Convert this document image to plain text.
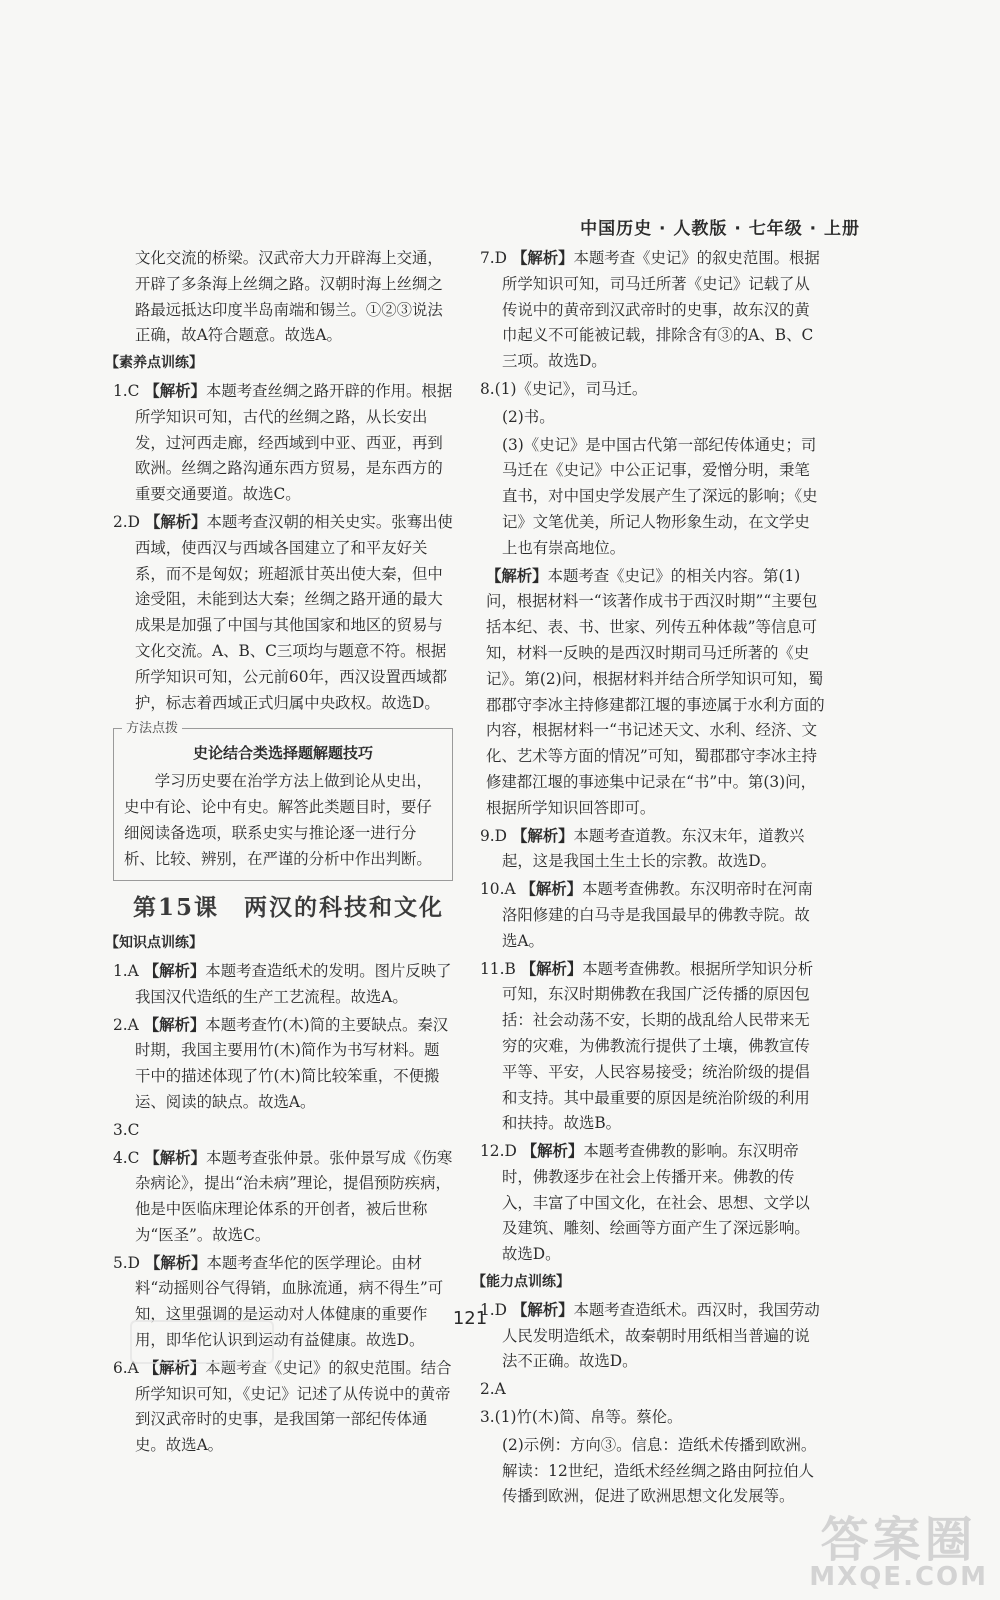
中国历史 · 人教版 · 七年级 · 上册
文化交流的桥梁。汉武帝大力开辟海上交通，开辟了多条海上丝绸之路。汉朝时海上丝绸之路最远抵达印度半岛南端和锡兰。①②③说法正确，故A符合题意。故选A。
【素养点训练】
1.C 【解析】本题考查丝绸之路开辟的作用。根据所学知识可知，古代的丝绸之路，从长安出发，过河西走廊，经西域到中亚、西亚，再到欧洲。丝绸之路沟通东西方贸易，是东西方的重要交通要道。故选C。
2.D 【解析】本题考查汉朝的相关史实。张骞出使西域，使西汉与西域各国建立了和平友好关系，而不是匈奴；班超派甘英出使大秦，但中途受阻，未能到达大秦；丝绸之路开通的最大成果是加强了中国与其他国家和地区的贸易与文化交流。A、B、C三项均与题意不符。根据所学知识可知，公元前60年，西汉设置西域都护，标志着西域正式归属中央政权。故选D。
方法点拨
史论结合类选择题解题技巧
学习历史要在治学方法上做到论从史出，史中有论、论中有史。解答此类题目时，要仔细阅读备选项，联系史实与推论逐一进行分析、比较、辨别，在严谨的分析中作出判断。
第15课　两汉的科技和文化
【知识点训练】
1.A 【解析】本题考查造纸术的发明。图片反映了我国汉代造纸的生产工艺流程。故选A。
2.A 【解析】本题考查竹(木)简的主要缺点。秦汉时期，我国主要用竹(木)简作为书写材料。题干中的描述体现了竹(木)简比较笨重，不便搬运、阅读的缺点。故选A。
3.C
4.C 【解析】本题考查张仲景。张仲景写成《伤寒杂病论》，提出“治未病”理论，提倡预防疾病，他是中医临床理论体系的开创者，被后世称为“医圣”。故选C。
5.D 【解析】本题考查华佗的医学理论。由材料“动摇则谷气得销，血脉流通，病不得生”可知，这里强调的是运动对人体健康的重要作用，即华佗认识到运动有益健康。故选D。
6.A 【解析】本题考查《史记》的叙史范围。结合所学知识可知，《史记》记述了从传说中的黄帝到汉武帝时的史事，是我国第一部纪传体通史。故选A。
7.D 【解析】本题考查《史记》的叙史范围。根据所学知识可知，司马迁所著《史记》记载了从传说中的黄帝到汉武帝时的史事，故东汉的黄巾起义不可能被记载，排除含有③的A、B、C三项。故选D。
8.(1)《史记》，司马迁。
(2)书。
(3)《史记》是中国古代第一部纪传体通史；司马迁在《史记》中公正记事，爱憎分明，秉笔直书，对中国史学发展产生了深远的影响；《史记》文笔优美，所记人物形象生动，在文学史上也有崇高地位。
【解析】本题考查《史记》的相关内容。第(1)问，根据材料一“该著作成书于西汉时期”“主要包括本纪、表、书、世家、列传五种体裁”等信息可知，材料一反映的是西汉时期司马迁所著的《史记》。第(2)问，根据材料并结合所学知识可知，蜀郡郡守李冰主持修建都江堰的事迹属于水利方面的内容，根据材料一“书记述天文、水利、经济、文化、艺术等方面的情况”可知，蜀郡郡守李冰主持修建都江堰的事迹集中记录在“书”中。第(3)问，根据所学知识回答即可。
9.D 【解析】本题考查道教。东汉末年，道教兴起，这是我国土生土长的宗教。故选D。
10.A 【解析】本题考查佛教。东汉明帝时在河南洛阳修建的白马寺是我国最早的佛教寺院。故选A。
11.B 【解析】本题考查佛教。根据所学知识分析可知，东汉时期佛教在我国广泛传播的原因包括：社会动荡不安，长期的战乱给人民带来无穷的灾难，为佛教流行提供了土壤，佛教宣传平等、平安，人民容易接受；统治阶级的提倡和支持。其中最重要的原因是统治阶级的利用和扶持。故选B。
12.D 【解析】本题考查佛教的影响。东汉明帝时，佛教逐步在社会上传播开来。佛教的传入，丰富了中国文化，在社会、思想、文学以及建筑、雕刻、绘画等方面产生了深远影响。故选D。
【能力点训练】
1.D 【解析】本题考查造纸术。西汉时，我国劳动人民发明造纸术，故秦朝时用纸相当普遍的说法不正确。故选D。
2.A
3.(1)竹(木)简、帛等。蔡伦。
(2)示例：方向③。信息：造纸术传播到欧洲。解读：12世纪，造纸术经丝绸之路由阿拉伯人传播到欧洲，促进了欧洲思想文化发展等。
121
答案圈
MXQE.COM
